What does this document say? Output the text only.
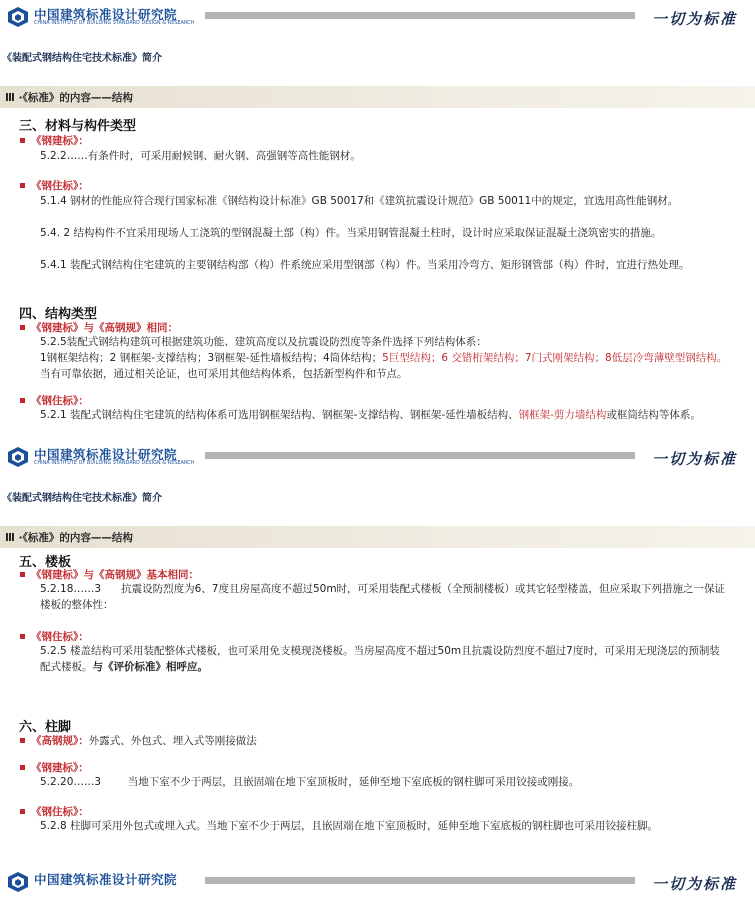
中国建筑标准设计研究院
CHINA INSTITUTE OF BUILDING STANDARD DESIGN & RESEARCH	一切为标准
《装配式钢结构住宅技术标准》简介
Ⅲ ·《标准》的内容——结构
三、材料与构件类型
《钢建标》：
5.2.2……有条件时，可采用耐候钢、耐火钢、高强钢等高性能钢材。
《钢住标》：
5.1.4 钢材的性能应符合现行国家标准《钢结构设计标准》GB 50017和《建筑抗震设计规范》GB 50011中的规定，宜选用高性能钢材。
5.4. 2 结构构件不宜采用现场人工浇筑的型钢混凝土部（构）件。当采用钢管混凝土柱时，设计时应采取保证混凝土浇筑密实的措施。
5.4.1 装配式钢结构住宅建筑的主要钢结构部（构）件系统应采用型钢部（构）件。当采用冷弯方、矩形钢管部（构）件时，宜进行热处理。
四、结构类型
《钢建标》与《高钢规》相同：
5.2.5装配式钢结构建筑可根据建筑功能、建筑高度以及抗震设防烈度等条件选择下列结构体系：
1钢框架结构；2 钢框架-支撑结构；3钢框架-延性墙板结构；4筒体结构；5巨型结构；6 交错桁架结构；7门式刚架结构；8低层冷弯薄壁型钢结构。当有可靠依据，通过相关论证，也可采用其他结构体系，包括新型构件和节点。
《钢住标》：
5.2.1 装配式钢结构住宅建筑的结构体系可选用钢框架结构、钢框架-支撑结构、钢框架-延性墙板结构、钢框架-剪力墙结构或框筒结构等体系。
中国建筑标准设计研究院
CHINA INSTITUTE OF BUILDING STANDARD DESIGN & RESEARCH	一切为标准
《装配式钢结构住宅技术标准》简介
Ⅲ ·《标准》的内容——结构
五、楼板
《钢建标》与《高钢规》基本相同：
5.2.18……3 抗震设防烈度为6、7度且房屋高度不超过50m时，可采用装配式楼板（全预制楼板）或其它轻型楼盖，但应采取下列措施之一保证楼板的整体性：
《钢住标》：
5.2.5 楼盖结构可采用装配整体式楼板，也可采用免支模现浇楼板。当房屋高度不超过50m且抗震设防烈度不超过7度时，可采用无现浇层的预制装配式楼板。与《评价标准》相呼应。
六、柱脚
《高钢规》：外露式、外包式、埋入式等刚接做法
《钢建标》：
5.2.20……3	当地下室不少于两层，且嵌固端在地下室顶板时，延伸至地下室底板的钢柱脚可采用铰接或刚接。
《钢住标》：
5.2.8 柱脚可采用外包式或埋入式。当地下室不少于两层，且嵌固端在地下室顶板时，延伸至地下室底板的钢柱脚也可采用铰接柱脚。
中国建筑标准设计研究院	一切为标准
